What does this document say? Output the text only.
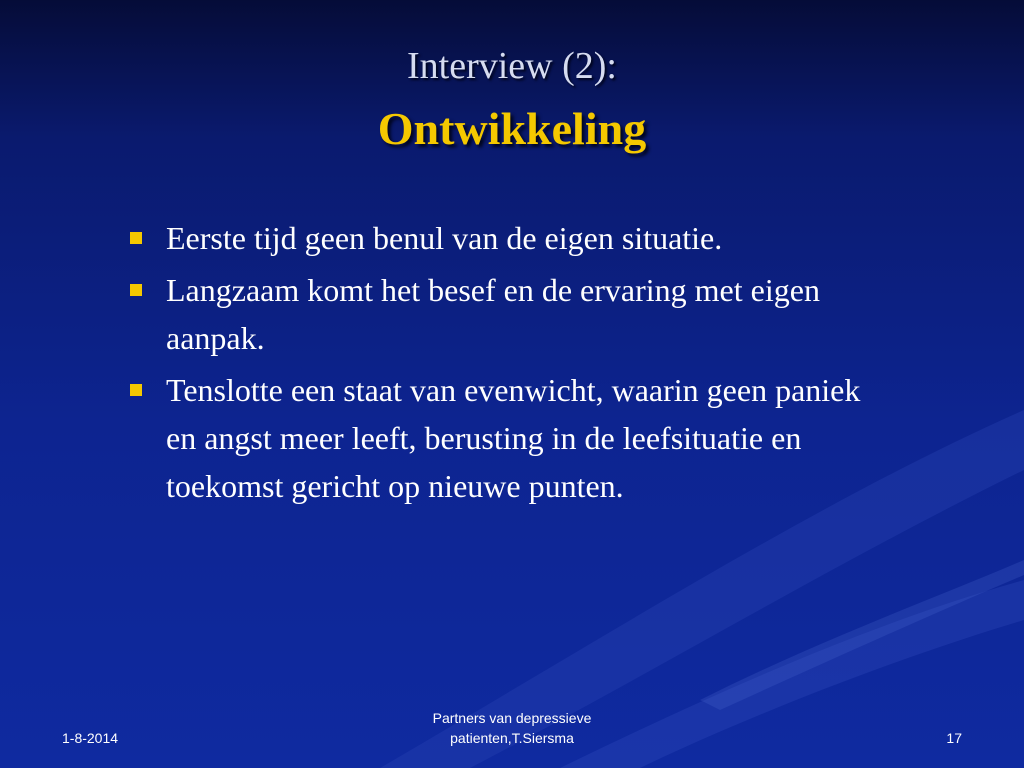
Interview (2):
Ontwikkeling
Eerste tijd geen benul van de eigen situatie.
Langzaam komt het besef en de ervaring met eigen aanpak.
Tenslotte een staat van evenwicht, waarin geen paniek en angst meer leeft, berusting in de leefsituatie en toekomst gericht op nieuwe punten.
1-8-2014
Partners van depressieve
patienten,T.Siersma	17
